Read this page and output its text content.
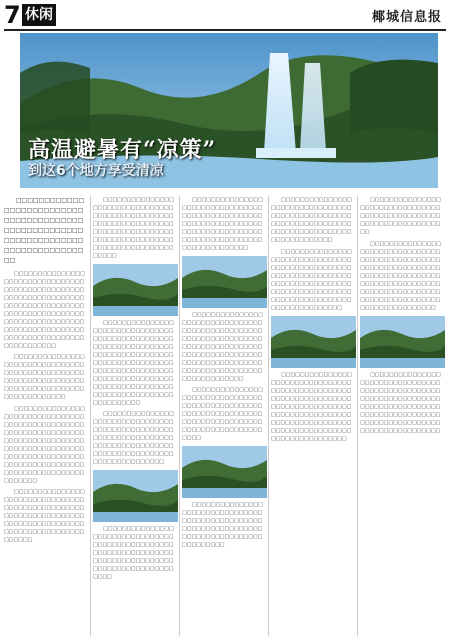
7 休闲	椰城信息报
高温避暑有“凉策”
到这6个地方享受清凉
□□□□□□□□□□□□□□□□□□□□□□□□□□□□□□□□□□□□□□□□□□□□□□□□□□□□□□□□□□□□□□□□□□□□□□□□□□□□□□□□□□□□
□□□□□□□□□□□□□□□□□□□□□□□□□□□□□□□□□□□□□□□□□□□□□□□□□□□□□□□□□□□□□□□□□□□□□□□□□□□□□□□□□□□□□□□□□□□□□□□□□□□□□□□□□□□□□□□□□□□□□□□□□□□□□□□□□□□□□□□□□□□□□□□□□□□□□□□□□□□□□□□□□□
□□□□□□□□□□□□□□□□□□□□□□□□□□□□□□□□□□□□□□□□□□□□□□□□□□□□□□□□□□□□□□□□□□□□□□□□□□□□□□□□□□□□□□□□□□□□□□□□
□□□□□□□□□□□□□□□□□□□□□□□□□□□□□□□□□□□□□□□□□□□□□□□□□□□□□□□□□□□□□□□□□□□□□□□□□□□□□□□□□□□□□□□□□□□□□□□□□□□□□□□□□□□□□□□□□□□□□□□□□□□□□□□□□□□□□□□□□□□□□□□□□□□□□□□□□□□□□□
□□□□□□□□□□□□□□□□□□□□□□□□□□□□□□□□□□□□□□□□□□□□□□□□□□□□□□□□□□□□□□□□□□□□□□□□□□□□□□□□□□□□□□□□□□□□□□□□□□□□□□□□□□
□□□□□□□□□□□□□□□□□□□□□□□□□□□□□□□□□□□□□□□□□□□□□□□□□□□□□□□□□□□□□□□□□□□□□□□□□□□□□□□□□□□□□□□□□□□□□□□□□□□□□□□□□□□□□□□□□□□□□□□□□□
□□□□□□□□□□□□□□□□□□□□□□□□□□□□□□□□□□□□□□□□□□□□□□□□□□□□□□□□□□□□□□□□□□□□□□□□□□□□□□□□□□□□□□□□□□□□□□□□□□□□□□□□□□□□□□□□□□□□□□□□□□□□□□□□□□□□□□□□□□□□□□□□□□□□□□□□□□□□□□□□□□□□□□□□□□□□□□□□□□
□□□□□□□□□□□□□□□□□□□□□□□□□□□□□□□□□□□□□□□□□□□□□□□□□□□□□□□□□□□□□□□□□□□□□□□□□□□□□□□□□□□□□□□□□□□□□□□□□□□□□□□□□□□□□□□□□□□
□□□□□□□□□□□□□□□□□□□□□□□□□□□□□□□□□□□□□□□□□□□□□□□□□□□□□□□□□□□□□□□□□□□□□□□□□□□□□□□□□□□□□□□□□□□□□□□□□□□□□□□□
□□□□□□□□□□□□□□□□□□□□□□□□□□□□□□□□□□□□□□□□□□□□□□□□□□□□□□□□□□□□□□□□□□□□□□□□□□□□□□□□□□□□□□□□□□□□□□□□□□□□□□□□□□□□□□□□□□
□□□□□□□□□□□□□□□□□□□□□□□□□□□□□□□□□□□□□□□□□□□□□□□□□□□□□□□□□□□□□□□□□□□□□□□□□□□□□□□□□□□□□□□□□□□□□□□□□□□□□□□□□□□□□□□□□□□□□□□□□□□□□□□□□□□□□□□□□□□□□□□□□□□
□□□□□□□□□□□□□□□□□□□□□□□□□□□□□□□□□□□□□□□□□□□□□□□□□□□□□□□□□□□□□□□□□□□□□□□□□□□□□□□□□□□□□□□□□□□□□□□□□□□□□□□□
□□□□□□□□□□□□□□□□□□□□□□□□□□□□□□□□□□□□□□□□□□□□□□□□□□□□□□□□□□□□□□□□□□□□□□□□□□□□□□□□□□□□□□□□□□□□
□□□□□□□□□□□□□□□□□□□□□□□□□□□□□□□□□□□□□□□□□□□□□□□□□□□□□□□□□□□□□□□□□□□□□□□□□□□□□□□□□□□□□□□□□□□□□□□□
□□□□□□□□□□□□□□□□□□□□□□□□□□□□□□□□□□□□□□□□□□□□□□□□□□□□□□□□□□□□□□□□□□□□□□□□□□□□□□□□□□□□□□□□□□□□□□□□□□□□□□□□□□□□□□□□□□□□□□□□□□□□□□□□□□□□
□□□□□□□□□□□□□□□□□□□□□□□□□□□□□□□□□□□□□□□□□□□□□□□□□□□□□□□□□□□□□□□□□□□□□□□□□□□□□□□□□□□□□□□□□□□□□□□□□□□□□□□□□□□□□□□□□□□□□□□□□□□□□□□□□□□□□□□□□□□□□□□□□□□□□□
□□□□□□□□□□□□□□□□□□□□□□□□□□□□□□□□□□□□□□□□□□□□□□□□□□□□□□□□□□□□□□□□□□□□
□□□□□□□□□□□□□□□□□□□□□□□□□□□□□□□□□□□□□□□□□□□□□□□□□□□□□□□□□□□□□□□□□□□□□□□□□□□□□□□□□□□□□□□□□□□□□□□□□□□□□□□□□□□□□□□□□□□□□□□□□□□□□□□□□□□□□□□□□□□□□□□□□□□□□□
□□□□□□□□□□□□□□□□□□□□□□□□□□□□□□□□□□□□□□□□□□□□□□□□□□□□□□□□□□□□□□□□□□□□□□□□□□□□□□□□□□□□□□□□□□□□□□□□□□□□□□□□□□□□□□□□□□□□□□□□□□□□□□□□□□□□□□
